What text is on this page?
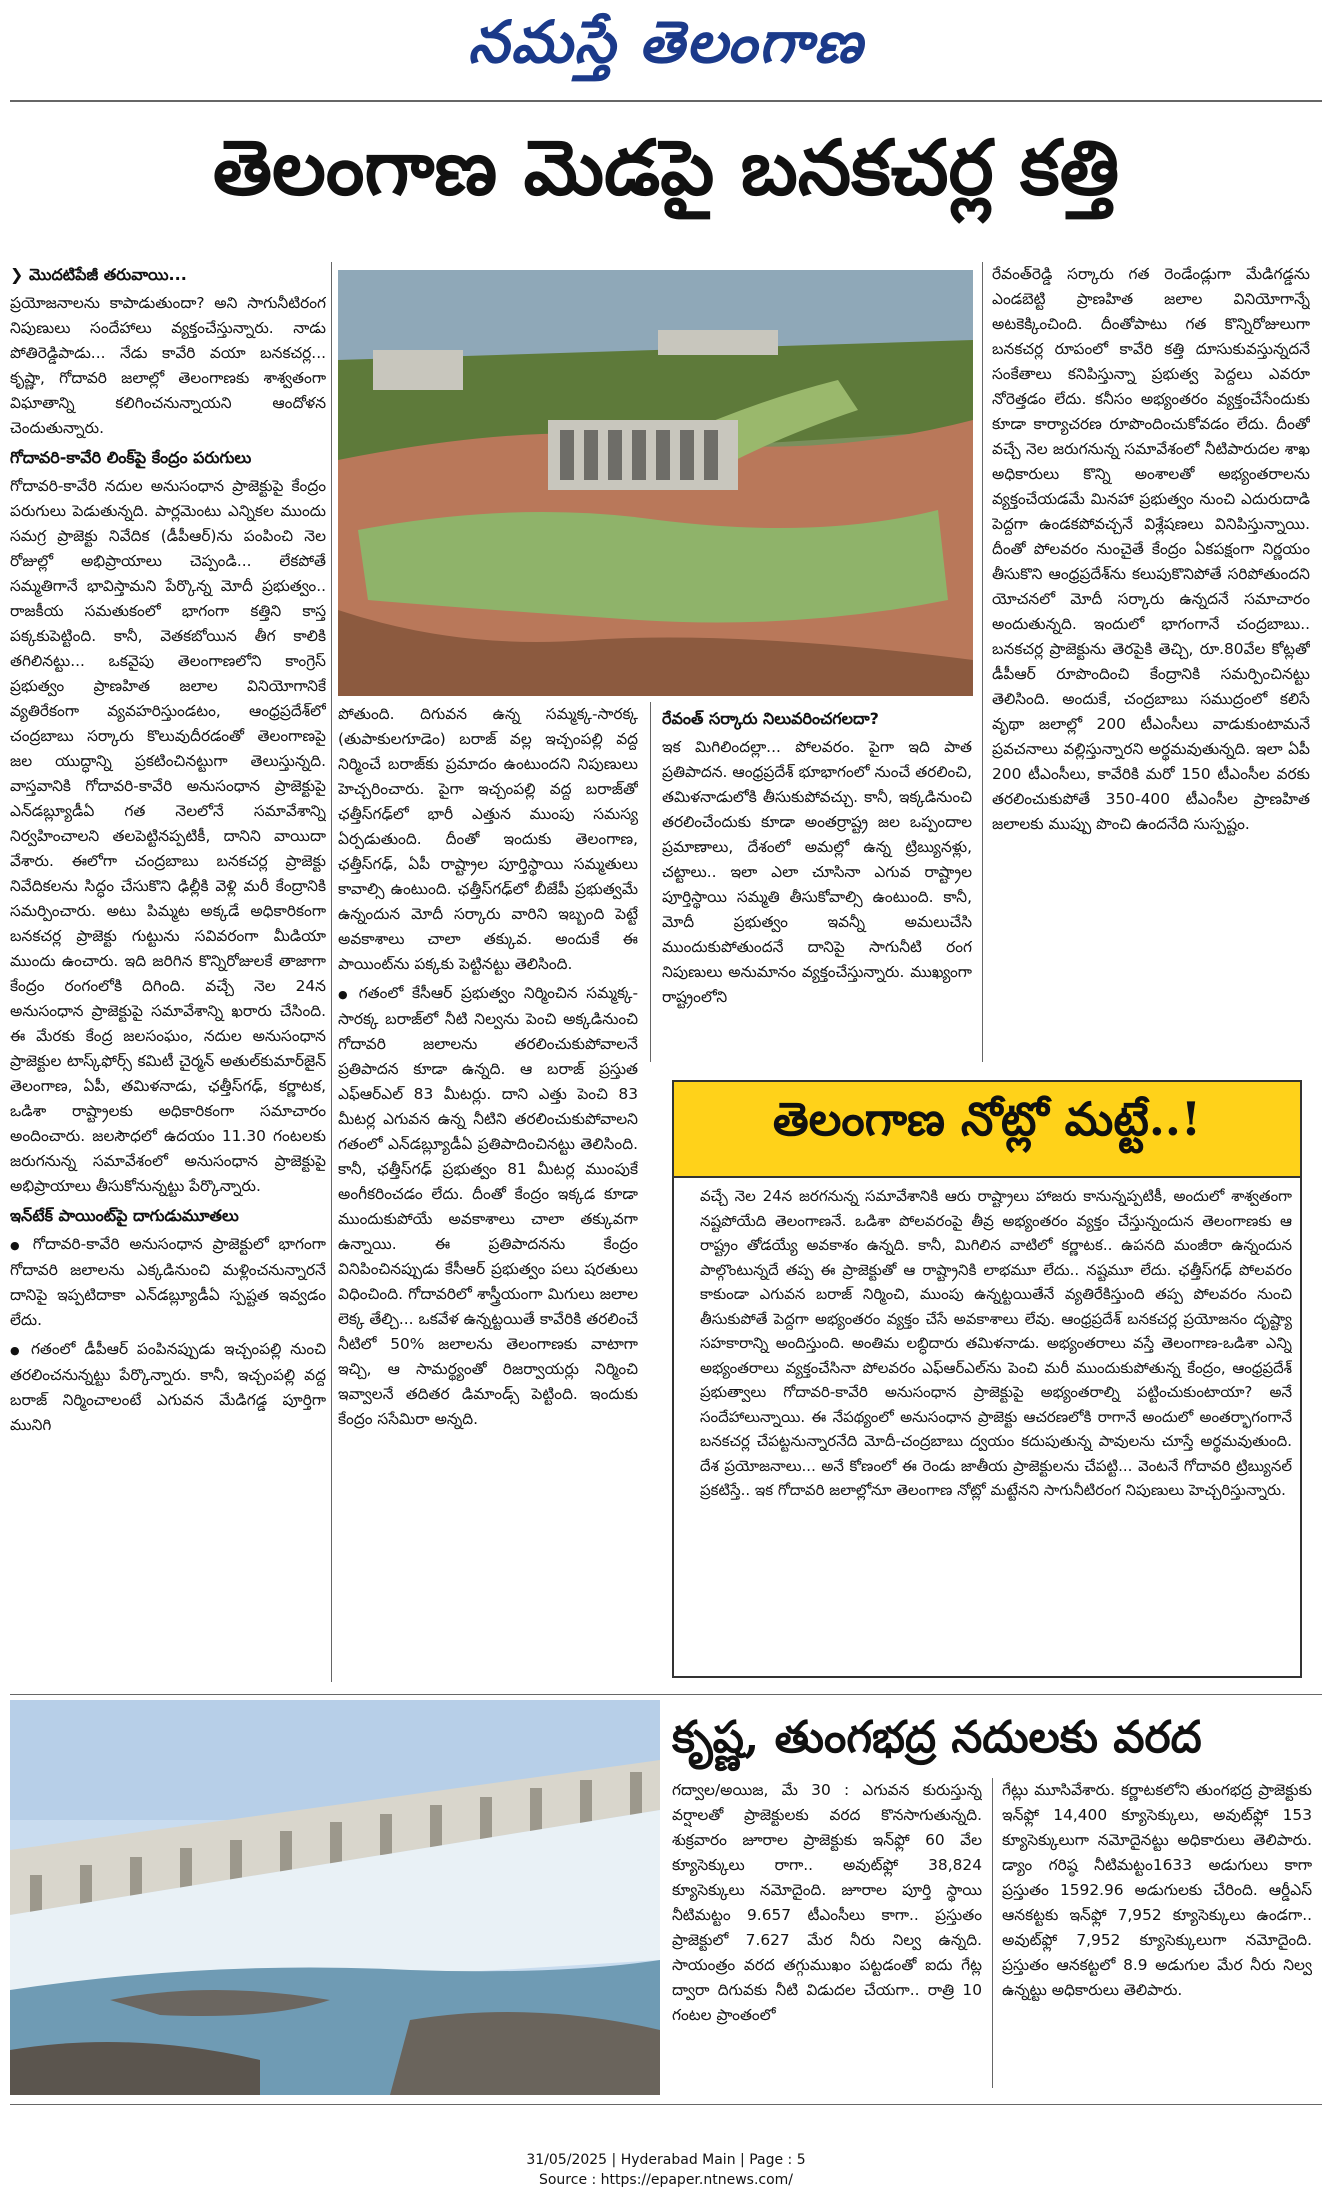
నమస్తే తెలంగాణ
తెలంగాణ మెడపై బనకచర్ల కత్తి
❯ మొదటిపేజీ తరువాయి...

ప్రయోజనాలను కాపాడుతుందా? అని సాగునీటిరంగ నిపుణులు సందేహాలు వ్యక్తంచేస్తున్నారు. నాడు పోతిరెడ్డిపాడు... నేడు కావేరి వయా బనకచర్ల... కృష్ణా, గోదావరి జలాల్లో తెలంగాణకు శాశ్వతంగా విఘాతాన్ని కలిగించనున్నాయని ఆందోళన చెందుతున్నారు.

గోదావరి-కావేరి లింక్‌పై కేంద్రం పరుగులు

గోదావరి-కావేరి నదుల అనుసంధాన ప్రాజెక్టుపై కేంద్రం పరుగులు పెడుతున్నది. పార్లమెంటు ఎన్నికల ముందు సమగ్ర ప్రాజెక్టు నివేదిక (డీపీఆర్)ను పంపించి నెల రోజుల్లో అభిప్రాయాలు చెప్పండి... లేకపోతే సమ్మతిగానే భావిస్తామని పేర్కొన్న మోదీ ప్రభుత్వం.. రాజకీయ సమతుకంలో భాగంగా కత్తిని కాస్త పక్కకుపెట్టింది. కానీ, వెతకబోయిన తీగ కాలికి తగిలినట్టు... ఒకవైపు తెలంగాణలోని కాంగ్రెస్ ప్రభుత్వం ప్రాణహిత జలాల వినియోగానికే వ్యతిరేకంగా వ్యవహరిస్తుండటం, ఆంధ్రప్రదేశ్‌లో చంద్రబాబు సర్కారు కొలువుదీరడంతో తెలంగాణపై జల యుద్ధాన్ని ప్రకటించినట్టుగా తెలుస్తున్నది. వాస్తవానికి గోదావరి-కావేరి అనుసంధాన ప్రాజెక్టుపై ఎన్‌డబ్ల్యూడీఏ గత నెలలోనే సమావేశాన్ని నిర్వహించాలని తలపెట్టినప్పటికీ, దానిని వాయిదా వేశారు. ఈలోగా చంద్రబాబు బనకచర్ల ప్రాజెక్టు నివేదికలను సిద్ధం చేసుకొని ఢిల్లీకి వెళ్లి మరీ కేంద్రానికి సమర్పించారు. అటు పిమ్మట అక్కడే అధికారికంగా బనకచర్ల ప్రాజెక్టు గుట్టును సవివరంగా మీడియా ముందు ఉంచారు. ఇది జరిగిన కొన్నిరోజులకే తాజాగా కేంద్రం రంగంలోకి దిగింది. వచ్చే నెల 24న అనుసంధాన ప్రాజెక్టుపై సమావేశాన్ని ఖరారు చేసింది. ఈ మేరకు కేంద్ర జలసంఘం, నదుల అనుసంధాన ప్రాజెక్టుల టాస్క్‌ఫోర్స్ కమిటీ చైర్మన్ అతుల్‌కుమార్‌జైన్ తెలంగాణ, ఏపీ, తమిళనాడు, ఛత్తీస్‌గఢ్, కర్ణాటక, ఒడిశా రాష్ట్రాలకు అధికారికంగా సమాచారం అందించారు. జలసౌధలో ఉదయం 11.30 గంటలకు జరుగనున్న సమావేశంలో అనుసంధాన ప్రాజెక్టుపై అభిప్రాయాలు తీసుకోనున్నట్టు పేర్కొన్నారు.

ఇన్‌టేక్ పాయింట్‌పై దాగుడుమూతలు

● గోదావరి-కావేరి అనుసంధాన ప్రాజెక్టులో భాగంగా గోదావరి జలాలను ఎక్కడినుంచి మళ్లించనున్నారనే దానిపై ఇప్పటిదాకా ఎన్‌డబ్ల్యూడీఏ స్పష్టత ఇవ్వడం లేదు.

● గతంలో డీపీఆర్ పంపినప్పుడు ఇచ్చంపల్లి నుంచి తరలించనున్నట్టు పేర్కొన్నారు. కానీ, ఇచ్చంపల్లి వద్ద బరాజ్ నిర్మించాలంటే ఎగువన మేడిగడ్డ పూర్తిగా మునిగి

పోతుంది. దిగువన ఉన్న సమ్మక్క-సారక్క (తుపాకులగూడెం) బరాజ్ వల్ల ఇచ్చంపల్లి వద్ద నిర్మించే బరాజ్‌కు ప్రమాదం ఉంటుందని నిపుణులు హెచ్చరించారు. పైగా ఇచ్చంపల్లి వద్ద బరాజ్‌తో ఛత్తీస్‌గఢ్‌లో భారీ ఎత్తున ముంపు సమస్య ఏర్పడుతుంది. దీంతో ఇందుకు తెలంగాణ, ఛత్తీస్‌గఢ్, ఏపీ రాష్ట్రాల పూర్తిస్థాయి సమ్మతులు కావాల్సి ఉంటుంది. ఛత్తీస్‌గఢ్‌లో బీజేపీ ప్రభుత్వమే ఉన్నందున మోదీ సర్కారు వారిని ఇబ్బంది పెట్టే అవకాశాలు చాలా తక్కువ. అందుకే ఈ పాయింట్‌ను పక్కకు పెట్టినట్టు తెలిసింది.

● గతంలో కేసీఆర్ ప్రభుత్వం నిర్మించిన సమ్మక్క-సారక్క బరాజ్‌లో నీటి నిల్వను పెంచి అక్కడినుంచి గోదావరి జలాలను తరలించుకుపోవాలనే ప్రతిపాదన కూడా ఉన్నది. ఆ బరాజ్ ప్రస్తుత ఎఫ్‌ఆర్‌ఎల్ 83 మీటర్లు. దాని ఎత్తు పెంచి 83 మీటర్ల ఎగువన ఉన్న నీటిని తరలించుకుపోవాలని గతంలో ఎన్‌డబ్ల్యూడీఏ ప్రతిపాదించినట్టు తెలిసింది. కానీ, ఛత్తీస్‌గఢ్ ప్రభుత్వం 81 మీటర్ల ముంపుకే అంగీకరించడం లేదు. దీంతో కేంద్రం ఇక్కడ కూడా ముందుకుపోయే అవకాశాలు చాలా తక్కువగా ఉన్నాయి. ఈ ప్రతిపాదనను కేంద్రం వినిపించినప్పుడు కేసీఆర్ ప్రభుత్వం పలు షరతులు విధించింది. గోదావరిలో శాస్త్రీయంగా మిగులు జలాల లెక్క తేల్చి... ఒకవేళ ఉన్నట్టయితే కావేరికి తరలించే నీటిలో 50% జలాలను తెలంగాణకు వాటాగా ఇచ్చి, ఆ సామర్థ్యంతో రిజర్వాయర్లు నిర్మించి ఇవ్వాలనే తదితర డిమాండ్స్ పెట్టింది. ఇందుకు కేంద్రం ససేమిరా అన్నది.

రేవంత్ సర్కారు నిలువరించగలదా?

ఇక మిగిలిందల్లా... పోలవరం. పైగా ఇది పాత ప్రతిపాదన. ఆంధ్రప్రదేశ్ భూభాగంలో నుంచే తరలించి, తమిళనాడులోకి తీసుకుపోవచ్చు. కానీ, ఇక్కడినుంచి తరలించేందుకు కూడా అంతర్రాష్ట్ర జల ఒప్పందాల ప్రమాణాలు, దేశంలో అమల్లో ఉన్న ట్రిబ్యునళ్లు, చట్టాలు.. ఇలా ఎలా చూసినా ఎగువ రాష్ట్రాల పూర్తిస్థాయి సమ్మతి తీసుకోవాల్సి ఉంటుంది. కానీ, మోదీ ప్రభుత్వం ఇవన్నీ అమలుచేసి ముందుకుపోతుందనే దానిపై సాగునీటి రంగ నిపుణులు అనుమానం వ్యక్తంచేస్తున్నారు. ముఖ్యంగా రాష్ట్రంలోని

రేవంత్‌రెడ్డి సర్కారు గత రెండేండ్లుగా మేడిగడ్డను ఎండబెట్టి ప్రాణహిత జలాల వినియోగాన్నే అటకెక్కించింది. దీంతోపాటు గత కొన్నిరోజులుగా బనకచర్ల రూపంలో కావేరి కత్తి దూసుకువస్తున్నదనే సంకేతాలు కనిపిస్తున్నా ప్రభుత్వ పెద్దలు ఎవరూ నోరెత్తడం లేదు. కనీసం అభ్యంతరం వ్యక్తంచేసేందుకు కూడా కార్యాచరణ రూపొందించుకోవడం లేదు. దీంతో వచ్చే నెల జరుగనున్న సమావేశంలో నీటిపారుదల శాఖ అధికారులు కొన్ని అంశాలతో అభ్యంతరాలను వ్యక్తంచేయడమే మినహా ప్రభుత్వం నుంచి ఎదురుదాడి పెద్దగా ఉండకపోవచ్చనే విశ్లేషణలు వినిపిస్తున్నాయి. దీంతో పోలవరం నుంచైతే కేంద్రం ఏకపక్షంగా నిర్ణయం తీసుకొని ఆంధ్రప్రదేశ్‌ను కలుపుకొనిపోతే సరిపోతుందని యోచనలో మోదీ సర్కారు ఉన్నదనే సమాచారం అందుతున్నది. ఇందులో భాగంగానే చంద్రబాబు.. బనకచర్ల ప్రాజెక్టును తెరపైకి తెచ్చి, రూ.80వేల కోట్లతో డీపీఆర్ రూపొందించి కేంద్రానికి సమర్పించినట్టు తెలిసింది. అందుకే, చంద్రబాబు సముద్రంలో కలిసే వృథా జలాల్లో 200 టీఎంసీలు వాడుకుంటామనే ప్రవచనాలు వల్లిస్తున్నారని అర్థమవుతున్నది. ఇలా ఏపీ 200 టీఎంసీలు, కావేరికి మరో 150 టీఎంసీల వరకు తరలించుకుపోతే 350-400 టీఎంసీల ప్రాణహిత జలాలకు ముప్పు పొంచి ఉందనేది సుస్పష్టం.

తెలంగాణ నోట్లో మట్టే..!

వచ్చే నెల 24న జరగనున్న సమావేశానికి ఆరు రాష్ట్రాలు హాజరు కానున్నప్పటికీ, అందులో శాశ్వతంగా నష్టపోయేది తెలంగాణనే. ఒడిశా పోలవరంపై తీవ్ర అభ్యంతరం వ్యక్తం చేస్తున్నందున తెలంగాణకు ఆ రాష్ట్రం తోడయ్యే అవకాశం ఉన్నది. కానీ, మిగిలిన వాటిలో కర్ణాటక.. ఉపనది మంజీరా ఉన్నందున పాల్గొంటున్నదే తప్ప ఈ ప్రాజెక్టుతో ఆ రాష్ట్రానికి లాభమూ లేదు.. నష్టమూ లేదు. ఛత్తీస్‌గఢ్ పోలవరం కాకుండా ఎగువన బరాజ్ నిర్మించి, ముంపు ఉన్నట్టయితేనే వ్యతిరేకిస్తుంది తప్ప పోలవరం నుంచి తీసుకుపోతే పెద్దగా అభ్యంతరం వ్యక్తం చేసే అవకాశాలు లేవు. ఆంధ్రప్రదేశ్ బనకచర్ల ప్రయోజనం దృష్ట్యా సహకారాన్ని అందిస్తుంది. అంతిమ లబ్ధిదారు తమిళనాడు. అభ్యంతరాలు వస్తే తెలంగాణ-ఒడిశా ఎన్ని అభ్యంతరాలు వ్యక్తంచేసినా పోలవరం ఎఫ్‌ఆర్‌ఎల్‌ను పెంచి మరీ ముందుకుపోతున్న కేంద్రం, ఆంధ్రప్రదేశ్ ప్రభుత్వాలు గోదావరి-కావేరి అనుసంధాన ప్రాజెక్టుపై అభ్యంతరాల్ని పట్టించుకుంటాయా? అనే సందేహాలున్నాయి. ఈ నేపథ్యంలో అనుసంధాన ప్రాజెక్టు ఆచరణలోకి రాగానే అందులో అంతర్భాగంగానే బనకచర్ల చేపట్టనున్నారనేది మోదీ-చంద్రబాబు ద్వయం కదుపుతున్న పావులను చూస్తే అర్థమవుతుంది. దేశ ప్రయోజనాలు... అనే కోణంలో ఈ రెండు జాతీయ ప్రాజెక్టులను చేపట్టి... వెంటనే గోదావరి ట్రిబ్యునల్ ప్రకటిస్తే.. ఇక గోదావరి జలాల్లోనూ తెలంగాణ నోట్లో మట్టేనని సాగునీటిరంగ నిపుణులు హెచ్చరిస్తున్నారు.

కృష్ణ, తుంగభద్ర నదులకు వరద

గద్వాల/అయిజ, మే 30 : ఎగువన కురుస్తున్న వర్షాలతో ప్రాజెక్టులకు వరద కొనసాగుతున్నది. శుక్రవారం జూరాల ప్రాజెక్టుకు ఇన్‌ఫ్లో 60 వేల క్యూసెక్కులు రాగా.. అవుట్‌ఫ్లో 38,824 క్యూసెక్కులు నమోదైంది. జూరాల పూర్తి స్థాయి నీటిమట్టం 9.657 టీఎంసీలు కాగా.. ప్రస్తుతం ప్రాజెక్టులో 7.627 మేర నీరు నిల్వ ఉన్నది. సాయంత్రం వరద తగ్గుముఖం పట్టడంతో ఐదు గేట్ల ద్వారా దిగువకు నీటి విడుదల చేయగా.. రాత్రి 10 గంటల ప్రాంతంలో

గేట్లు మూసివేశారు. కర్ణాటకలోని తుంగభద్ర ప్రాజెక్టుకు ఇన్‌ఫ్లో 14,400 క్యూసెక్కులు, అవుట్‌ఫ్లో 153 క్యూసెక్కులుగా నమోదైనట్టు అధికారులు తెలిపారు. డ్యాం గరిష్ఠ నీటిమట్టం1633 అడుగులు కాగా ప్రస్తుతం 1592.96 అడుగులకు చేరింది. ఆర్డీఎస్ ఆనకట్టకు ఇన్‌ఫ్లో 7,952 క్యూసెక్కులు ఉండగా.. అవుట్‌ఫ్లో 7,952 క్యూసెక్కులుగా నమోదైంది. ప్రస్తుతం ఆనకట్టలో 8.9 అడుగుల మేర నీరు నిల్వ ఉన్నట్టు అధికారులు తెలిపారు.

31/05/2025 | Hyderabad Main | Page : 5
Source : https://epaper.ntnews.com/
